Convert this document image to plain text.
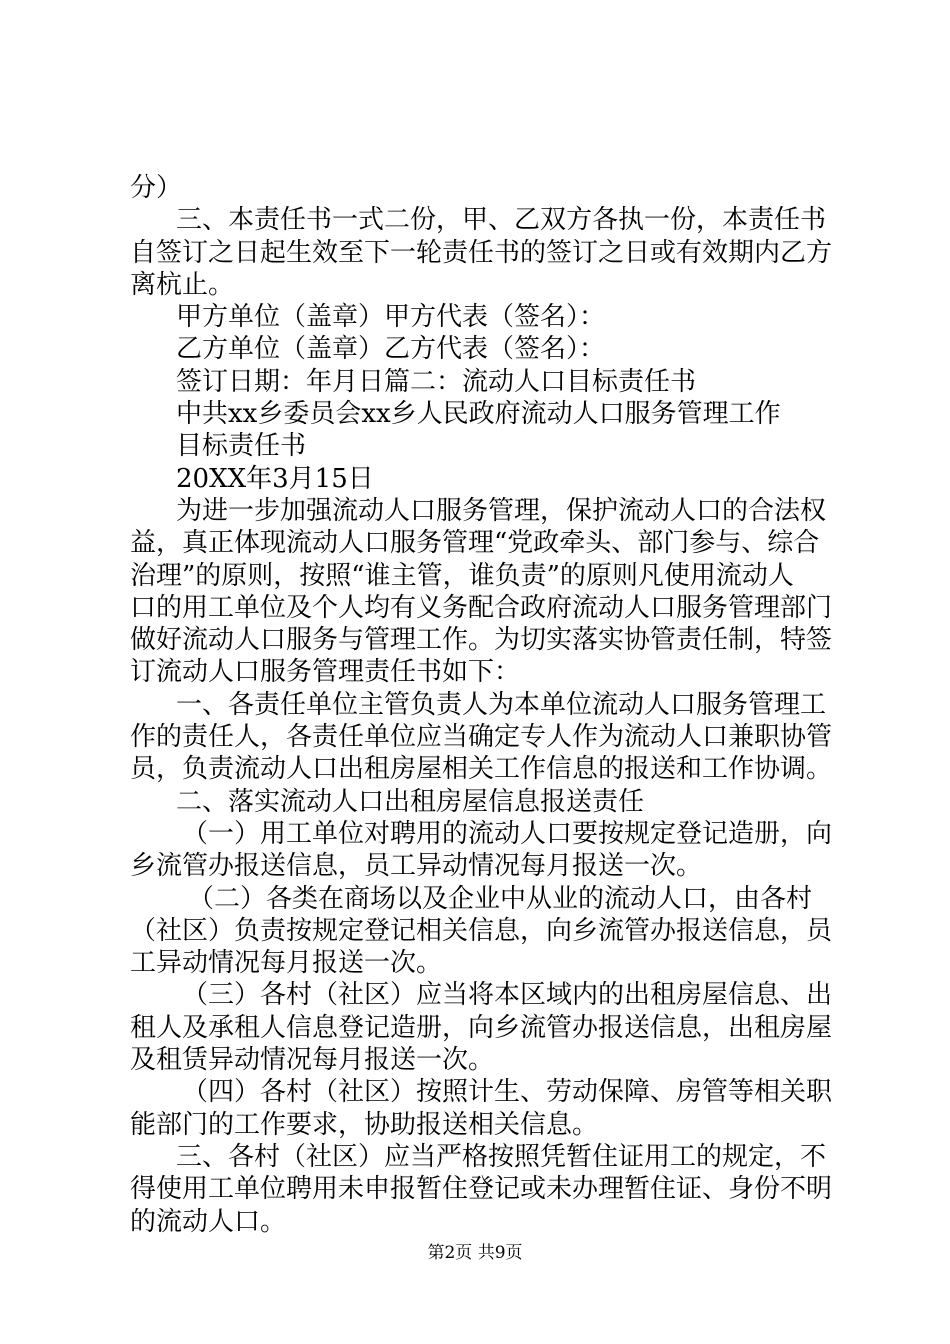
分）
三、本责任书一式二份，甲、乙双方各执一份，本责任书
自签订之日起生效至下一轮责任书的签订之日或有效期内乙方
离杭止。
甲方单位（盖章）甲方代表（签名）：
乙方单位（盖章）乙方代表（签名）：
签订日期：年月日篇二：流动人口目标责任书
中共xx乡委员会xx乡人民政府流动人口服务管理工作
目标责任书
20XX年3月15日
为进一步加强流动人口服务管理，保护流动人口的合法权
益，真正体现流动人口服务管理“党政牵头、部门参与、综合
治理”的原则，按照“谁主管，谁负责”的原则凡使用流动人
口的用工单位及个人均有义务配合政府流动人口服务管理部门
做好流动人口服务与管理工作。为切实落实协管责任制，特签
订流动人口服务管理责任书如下：
一、各责任单位主管负责人为本单位流动人口服务管理工
作的责任人，各责任单位应当确定专人作为流动人口兼职协管
员，负责流动人口出租房屋相关工作信息的报送和工作协调。
二、落实流动人口出租房屋信息报送责任
（一）用工单位对聘用的流动人口要按规定登记造册，向
乡流管办报送信息，员工异动情况每月报送一次。
（二）各类在商场以及企业中从业的流动人口，由各村
（社区）负责按规定登记相关信息，向乡流管办报送信息，员
工异动情况每月报送一次。
（三）各村（社区）应当将本区域内的出租房屋信息、出
租人及承租人信息登记造册，向乡流管办报送信息，出租房屋
及租赁异动情况每月报送一次。
（四）各村（社区）按照计生、劳动保障、房管等相关职
能部门的工作要求，协助报送相关信息。
三、各村（社区）应当严格按照凭暂住证用工的规定，不
得使用工单位聘用未申报暂住登记或未办理暂住证、身份不明
的流动人口。
第2页 共9页
